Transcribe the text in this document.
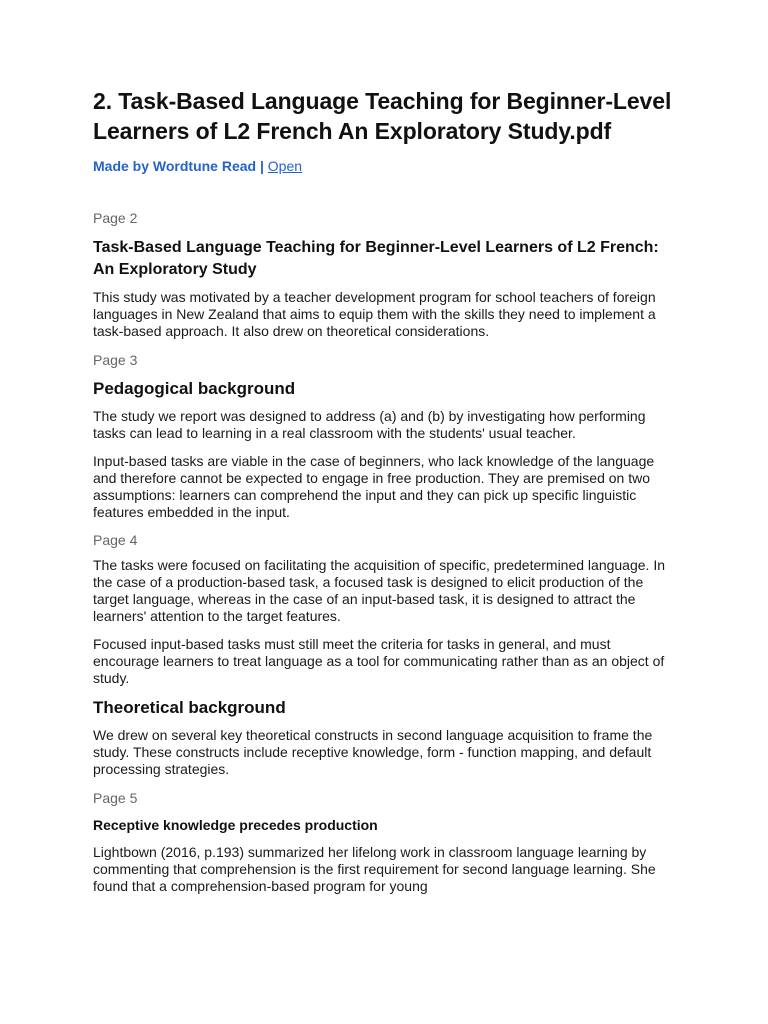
2. Task-Based Language Teaching for Beginner-Level Learners of L2 French An Exploratory Study.pdf
Made by Wordtune Read | Open

Page 2

Task-Based Language Teaching for Beginner-Level Learners of L2 French: An Exploratory Study

This study was motivated by a teacher development program for school teachers of foreign languages in New Zealand that aims to equip them with the skills they need to implement a task-based approach. It also drew on theoretical considerations.

Page 3

Pedagogical background

The study we report was designed to address (a) and (b) by investigating how performing tasks can lead to learning in a real classroom with the students' usual teacher.

Input-based tasks are viable in the case of beginners, who lack knowledge of the language and therefore cannot be expected to engage in free production. They are premised on two assumptions: learners can comprehend the input and they can pick up specific linguistic features embedded in the input.

Page 4

The tasks were focused on facilitating the acquisition of specific, predetermined language. In the case of a production-based task, a focused task is designed to elicit production of the target language, whereas in the case of an input-based task, it is designed to attract the learners' attention to the target features.

Focused input-based tasks must still meet the criteria for tasks in general, and must encourage learners to treat language as a tool for communicating rather than as an object of study.

Theoretical background

We drew on several key theoretical constructs in second language acquisition to frame the study. These constructs include receptive knowledge, form - function mapping, and default processing strategies.

Page 5

Receptive knowledge precedes production

Lightbown (2016, p.193) summarized her lifelong work in classroom language learning by commenting that comprehension is the first requirement for second language learning. She found that a comprehension-based program for young
